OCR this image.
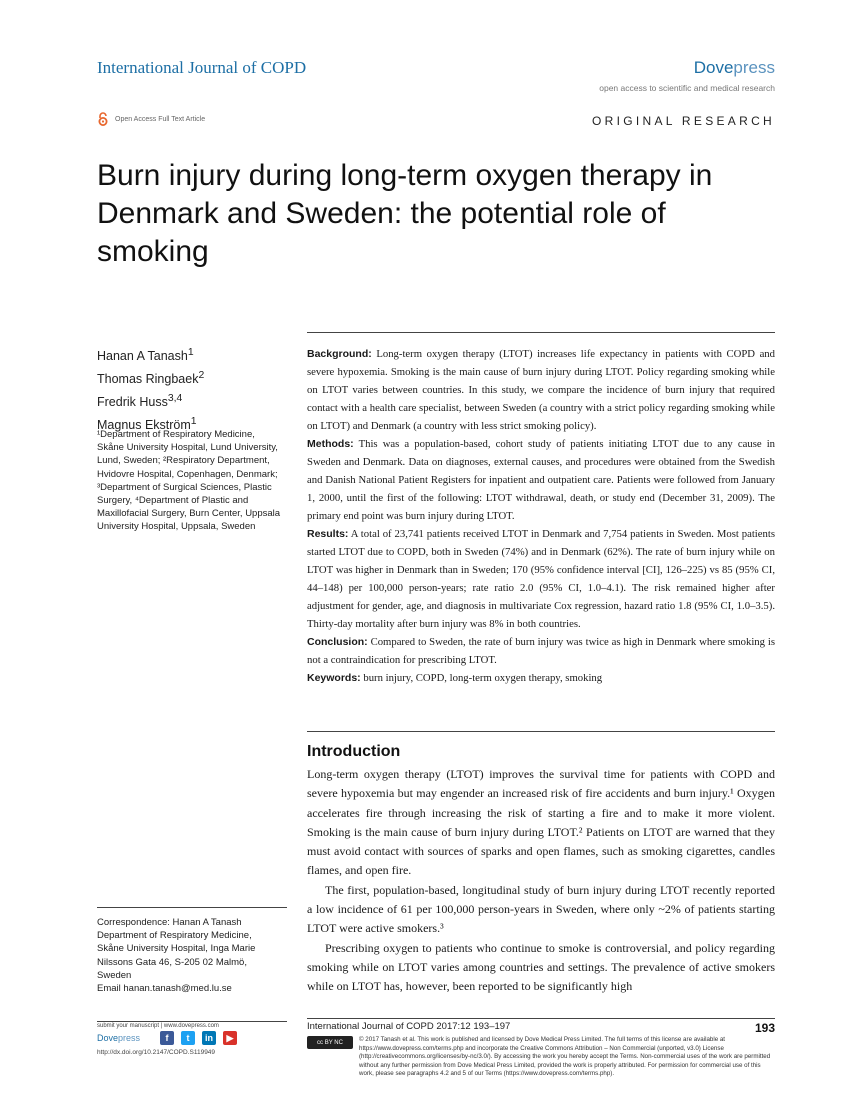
International Journal of COPD	Dovepress
open access to scientific and medical research
Open Access Full Text Article	ORIGINAL RESEARCH
Burn injury during long-term oxygen therapy in Denmark and Sweden: the potential role of smoking
Hanan A Tanash$^1$
Thomas Ringbaek$^2$
Fredrik Huss$^{3,4}$
Magnus Ekström$^1$
¹Department of Respiratory Medicine, Skåne University Hospital, Lund University, Lund, Sweden; ²Respiratory Department, Hvidovre Hospital, Copenhagen, Denmark; ³Department of Surgical Sciences, Plastic Surgery, ⁴Department of Plastic and Maxillofacial Surgery, Burn Center, Uppsala University Hospital, Uppsala, Sweden
Correspondence: Hanan A Tanash
Department of Respiratory Medicine,
Skåne University Hospital, Inga Marie
Nilssons Gata 46, S-205 02 Malmö,
Sweden
Email hanan.tanash@med.lu.se

Background: Long-term oxygen therapy (LTOT) increases life expectancy in patients with COPD and severe hypoxemia. Smoking is the main cause of burn injury during LTOT. Policy regarding smoking while on LTOT varies between countries. In this study, we compare the incidence of burn injury that required contact with a health care specialist, between Sweden (a country with a strict policy regarding smoking while on LTOT) and Denmark (a country with less strict smoking policy).

Methods: This was a population-based, cohort study of patients initiating LTOT due to any cause in Sweden and Denmark. Data on diagnoses, external causes, and procedures were obtained from the Swedish and Danish National Patient Registers for inpatient and outpatient care. Patients were followed from January 1, 2000, until the first of the following: LTOT withdrawal, death, or study end (December 31, 2009). The primary end point was burn injury during LTOT.

Results: A total of 23,741 patients received LTOT in Denmark and 7,754 patients in Sweden. Most patients started LTOT due to COPD, both in Sweden (74%) and in Denmark (62%). The rate of burn injury while on LTOT was higher in Denmark than in Sweden; 170 (95% confidence interval [CI], 126–225) vs 85 (95% CI, 44–148) per 100,000 person-years; rate ratio 2.0 (95% CI, 1.0–4.1). The risk remained higher after adjustment for gender, age, and diagnosis in multivariate Cox regression, hazard ratio 1.8 (95% CI, 1.0–3.5). Thirty-day mortality after burn injury was 8% in both countries.

Conclusion: Compared to Sweden, the rate of burn injury was twice as high in Denmark where smoking is not a contraindication for prescribing LTOT.

Keywords: burn injury, COPD, long-term oxygen therapy, smoking

Introduction

Long-term oxygen therapy (LTOT) improves the survival time for patients with COPD and severe hypoxemia but may engender an increased risk of fire accidents and burn injury.¹ Oxygen accelerates fire through increasing the risk of starting a fire and to make it more violent. Smoking is the main cause of burn injury during LTOT.² Patients on LTOT are warned that they must avoid contact with sources of sparks and open flames, such as smoking cigarettes, candles flames, and open fire.

The first, population-based, longitudinal study of burn injury during LTOT recently reported a low incidence of 61 per 100,000 person-years in Sweden, where only ~2% of patients starting LTOT were active smokers.³

Prescribing oxygen to patients who continue to smoke is controversial, and policy regarding smoking while on LTOT varies among countries and settings. The prevalence of active smokers while on LTOT has, however, been reported to be significantly high

submit your manuscript | www.dovepress.com
Dovepress	f	t	in	▶
http://dx.doi.org/10.2147/COPD.S119949
International Journal of COPD 2017:12 193–197	193
cc BY NC	© 2017 Tanash et al. This work is published and licensed by Dove Medical Press Limited. The full terms of this license are available at https://www.dovepress.com/terms.php and incorporate the Creative Commons Attribution – Non Commercial (unported, v3.0) License (http://creativecommons.org/licenses/by-nc/3.0/). By accessing the work you hereby accept the Terms. Non-commercial uses of the work are permitted without any further permission from Dove Medical Press Limited, provided the work is properly attributed. For permission for commercial use of this work, please see paragraphs 4.2 and 5 of our Terms (https://www.dovepress.com/terms.php).
